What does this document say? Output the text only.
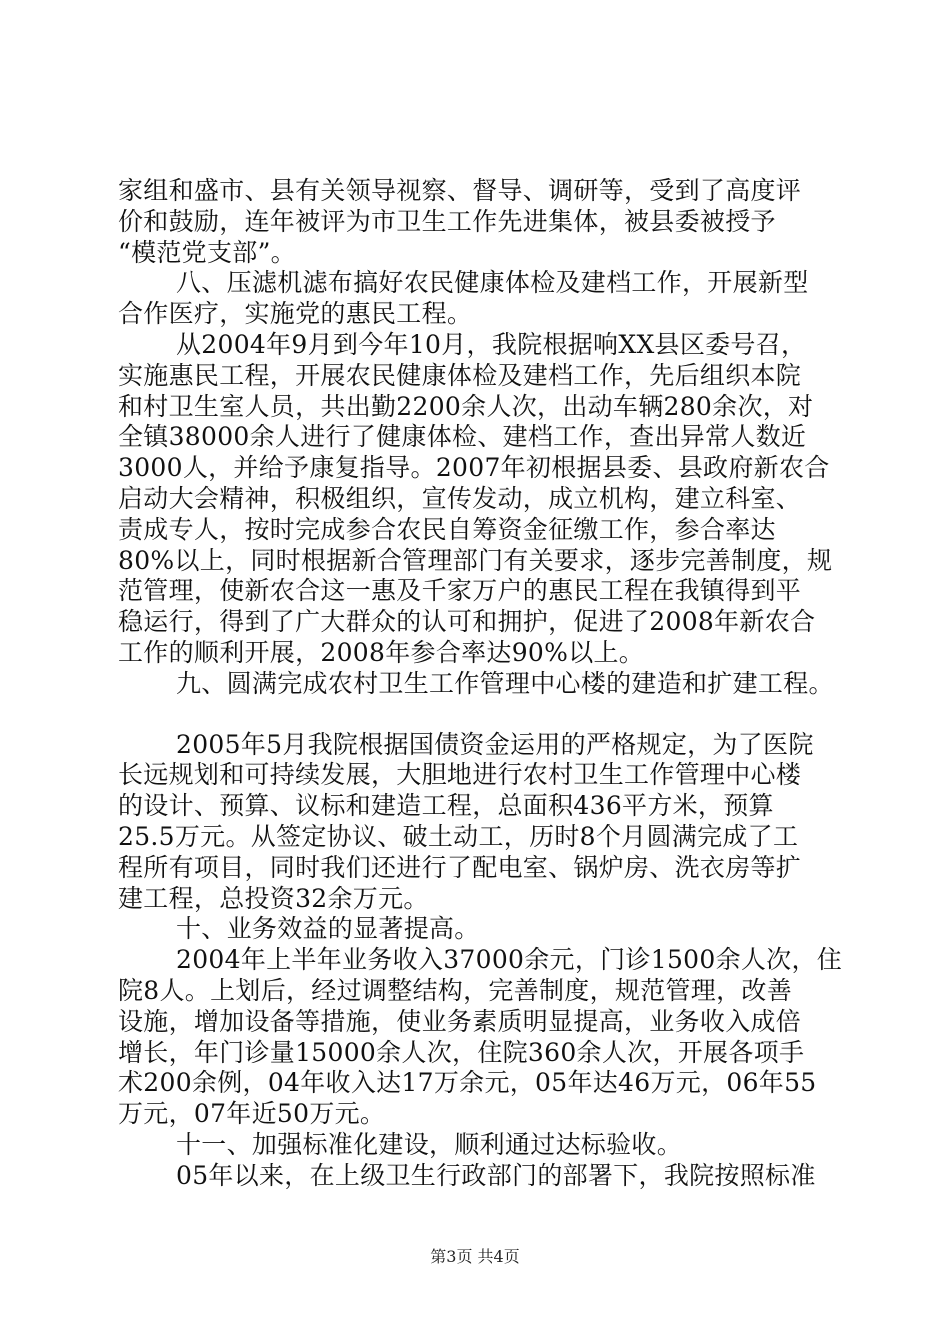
家组和盛市、县有关领导视察、督导、调研等，受到了高度评
价和鼓励，连年被评为市卫生工作先进集体，被县委被授予
“模范党支部”。
八、压滤机滤布搞好农民健康体检及建档工作，开展新型
合作医疗，实施党的惠民工程。
从2004年9月到今年10月，我院根据响XX县区委号召，
实施惠民工程，开展农民健康体检及建档工作，先后组织本院
和村卫生室人员，共出勤2200余人次，出动车辆280余次，对
全镇38000余人进行了健康体检、建档工作，查出异常人数近
3000人，并给予康复指导。2007年初根据县委、县政府新农合
启动大会精神，积极组织，宣传发动，成立机构，建立科室、
责成专人，按时完成参合农民自筹资金征缴工作，参合率达
80%以上，同时根据新合管理部门有关要求，逐步完善制度，规
范管理，使新农合这一惠及千家万户的惠民工程在我镇得到平
稳运行，得到了广大群众的认可和拥护，促进了2008年新农合
工作的顺利开展，2008年参合率达90%以上。
九、圆满完成农村卫生工作管理中心楼的建造和扩建工程。
2005年5月我院根据国债资金运用的严格规定，为了医院
长远规划和可持续发展，大胆地进行农村卫生工作管理中心楼
的设计、预算、议标和建造工程，总面积436平方米，预算
25.5万元。从签定协议、破土动工，历时8个月圆满完成了工
程所有项目，同时我们还进行了配电室、锅炉房、洗衣房等扩
建工程，总投资32余万元。
十、业务效益的显著提高。
2004年上半年业务收入37000余元，门诊1500余人次，住
院8人。上划后，经过调整结构，完善制度，规范管理，改善
设施，增加设备等措施，使业务素质明显提高，业务收入成倍
增长，年门诊量15000余人次，住院360余人次，开展各项手
术200余例，04年收入达17万余元，05年达46万元，06年55
万元，07年近50万元。
十一、加强标准化建设，顺利通过达标验收。
05年以来，在上级卫生行政部门的部署下，我院按照标准
第3页 共4页
